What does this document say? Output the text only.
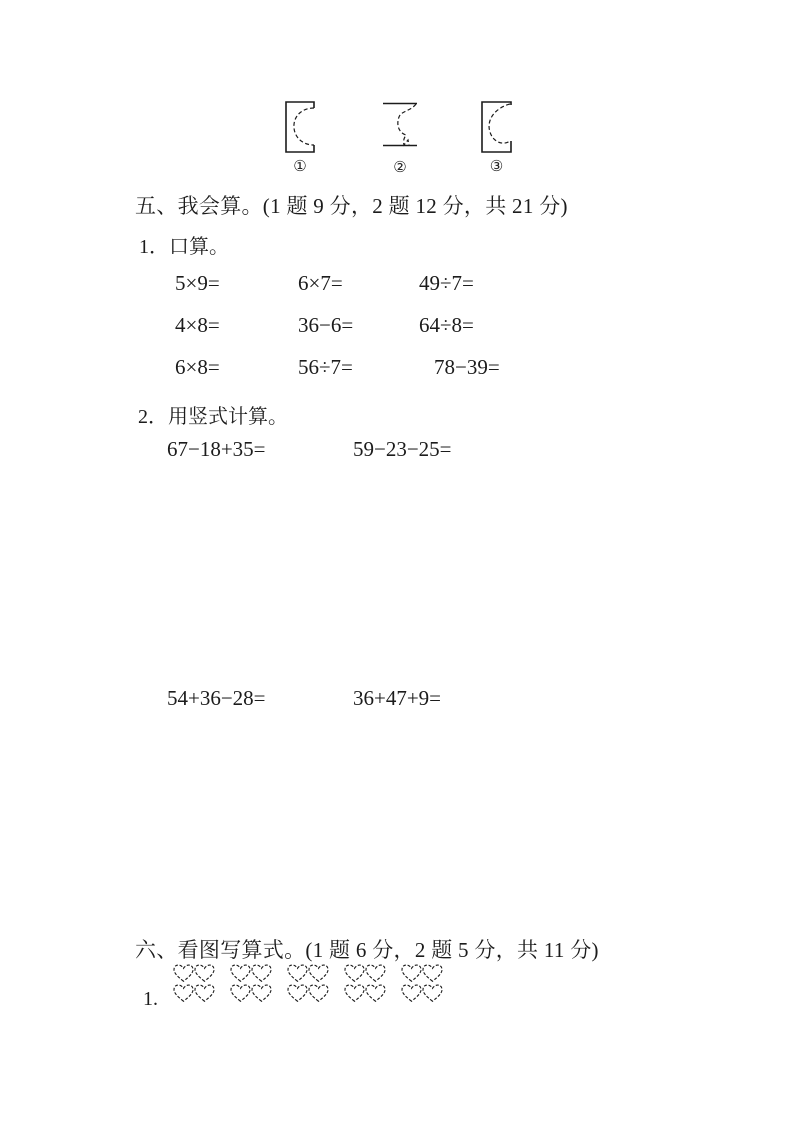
①	②	③
五、我会算。(1 题 9 分，2 题 12 分，共 21 分)
1．口算。
5×9=	6×7=	49÷7=
4×8=	36−6=	64÷8=
6×8=	56÷7=	78−39=
2．用竖式计算。
67−18+35=	59−23−25=
54+36−28=	36+47+9=
六、看图写算式。(1 题 6 分，2 题 5 分，共 11 分)
1.
